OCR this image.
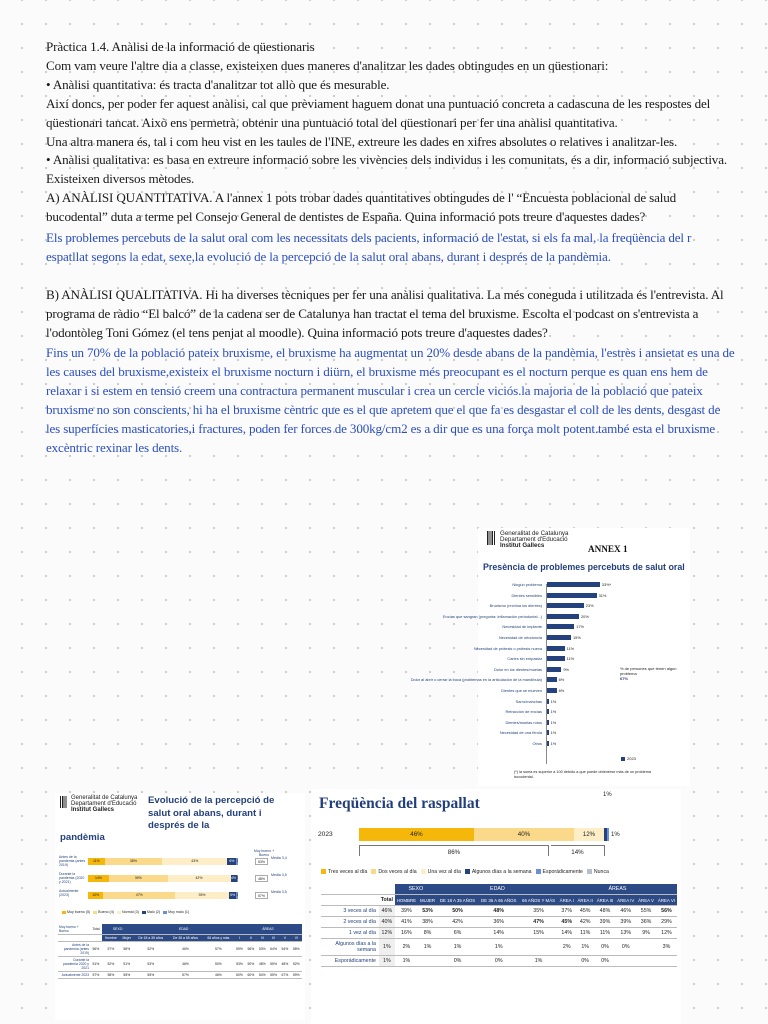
Pràctica 1.4. Anàlisi de la informació de qüestionaris

Com vam veure l'altre dia a classe, existeixen dues maneres d'analitzar les dades obtingudes en un qüestionari:

• Anàlisi quantitativa: és tracta d'analitzar tot allò que és mesurable.

Així doncs, per poder fer aquest anàlisi, cal que prèviament haguem donat una puntuació concreta a cadascuna de les respostes del qüestionari tancat. Això ens permetrà, obtenir una puntuació total del qüestionari per fer una anàlisi quantitativa.

Una altra manera és, tal i com heu vist en les taules de l'INE, extreure les dades en xifres absolutes o relatives i analitzar-les.

• Anàlisi qualitativa: es basa en extreure informació sobre les vivències dels individus i les comunitats, és a dir, informació subjectiva. Existeixen diversos mètodes.

A) ANÀLISI QUANTITATIVA. A l'annex 1 pots trobar dades quantitatives obtingudes de l' “Encuesta poblacional de salud bucodental” duta a terme pel Consejo General de dentistes de España. Quina informació pots treure d'aquestes dades?

Els problemes percebuts de la salut oral com les necessitats dels pacients, informació de l'estat, si els fa mal, la freqüència del r espatllat segons la edat, sexe,la evolució de la percepció de la salut oral abans, durant i després de la pandèmia.
B) ANÀLISI QUALITATIVA. Hi ha diverses tècniques per fer una anàlisi qualitativa. La més coneguda i utilitzada és l'entrevista. Al programa de ràdio “El balcó” de la cadena ser de Catalunya han tractat el tema del bruxisme. Escolta el podcast on s'entrevista a l'odontòleg Toni Gómez (el tens penjat al moodle). Quina informació pots treure d'aquestes dades?
Fins un 70% de la població pateix bruxisme, el bruxisme ha augmentat un 20% desde abans de la pandèmia, l'estrès i ansietat es una de les causes del bruxisme,existeix el bruxisme nocturn i diürn, el bruxisme més preocupant es el nocturn perque es quan ens hem de relaxar i si estem en tensió creem una contractura permanent muscular i crea un cercle viciós.la majoria de la població que pateix bruxisme no son conscients, hi ha el bruxisme cèntric que es el que apretem que el que fa es desgastar el coll de les dents, desgast de les superfícies masticatories,i fractures, poden fer forces de 300kg/cm2 es a dir que es una força molt potent.també esta el bruxisme excèntric rexinar les dents.
Generalitat de Catalunya
Departament d'Educació
Institut Gallecs	ANNEX 1
Presència de problemes percebuts de salut oral
Ningún problema	33%*
Dientes sensibles	31%
Bruxismo (rechina los dientes)	23%
Encías que sangran (pregunta: inflamación periodontal...)	20%
Necesidad de implante	17%
Necesidad de ortodoncia	15%
Necesidad de prótesis o prótesis nueva	11%
Caries sin empastar	11%
Dolor en los dientes/muelas	9%
Dolor al abrir o cerrar la boca (problemas en la articulación de la mandíbula)	6%
Dientes que se mueven	6%
Sarro/manchas 1%
Retracción de encías 1%
Dientes/muelas rotos 1%
Necesidad de una férula 1%
Otros 1%
% de persones que tenen algun problema
67%
2023
(*) la suma es superior a 100 debido a que puede obtenerse más de un problema bucodental.
Generalitat de Catalunya
Departament d'Educació
Institut Gallecs
Evolució de la percepció de salut oral abans, durant i després de la
pandèmia
Muy bueno + Bueno
Antes de la pandemia (antes 2019)
11%	38%	43%	6%	53%
Media 3,4
Durante la pandemia (2020 y 2021)
14%	39%	42%	4%	48%
Media 3,5
Actualmente (2023)	10%	47%	35%	5%	57%
Media 3,5
Muy bueno (5) Bueno (4) Normal (3) Malo (2) Muy malo (1)
Muy bueno + Bueno	Total	SEXO		EDAD			ÁREAS					
		Hombre	Mujer	De 18 a 35 años	De 36 a 65 años	66 años y más	I	II	III	IV	V	VI
Antes de la pandemia (antes 2019)	56%	57%	58%	52%	46%	57%	59%	56%	53%	64%	54%	58%
Durante la pandemia 2020 y 2021	51%	52%	51%	53%	46%	50%	53%	50%	48%	55%	48%	52%
Actualmente 2023	57%	58%	55%	55%	57%	46%	60%	60%	54%	55%	67%	59%
Freqüència del raspallat	1%
2023	46%	40%	12%	1%
86%	14%
Tres veces al día Dos veces al día Una vez al día Algunos días a la semana Esporádicamente Nunca
		SEXO		EDAD			ÁREAS					
	Total	HOMBRE	MUJER	DE 18 A 35 AÑOS	DE 36 A 65 AÑOS	66 AÑOS Y MÁS	ÁREA I	ÁREA II	ÁREA III	ÁREA IV	ÁREA V	ÁREA VI
3 veces al día	46%	39%	53%	50%	48%	35%	37%	45%	48%	46%	55%	56%
2 veces al día	40%	41%	38%	42%	36%	47%	45%	42%	39%	39%	36%	29%
1 vez al día	12%	16%	8%	6%	14%	15%	14%	11%	11%	13%	9%	12%
Algunos días a la semana	1%	2%	1%	1%	1%		2%	1%	0%	0%		3%
Esporádicamente	1%	1%		0%	0%	1%		0%	0%			
